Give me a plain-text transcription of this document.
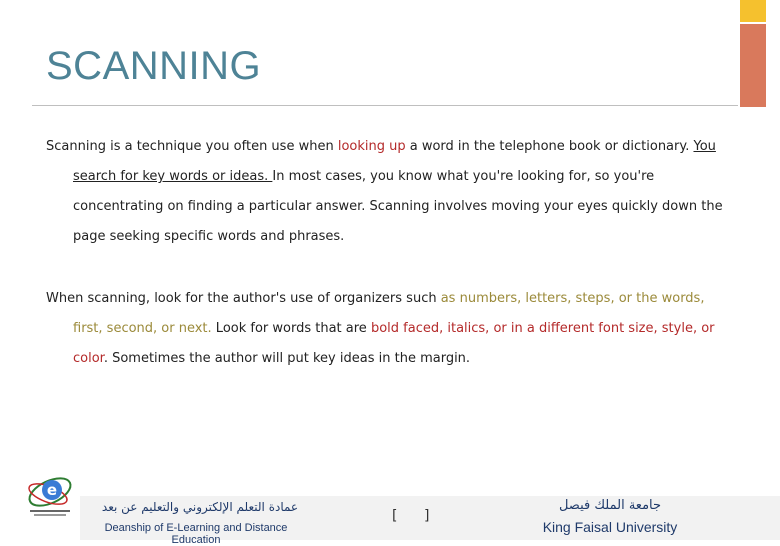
SCANNING
Scanning is a technique you often use when looking up a word in the telephone book or dictionary. You
search for key words or ideas. In most cases, you know what you're looking for, so you're
concentrating on finding a particular answer. Scanning involves moving your eyes quickly down the
page seeking specific words and phrases.
When scanning, look for the author's use of organizers such as numbers, letters, steps, or the words,
first, second, or next. Look for words that are bold faced, italics, or in a different font size, style, or
color. Sometimes the author will put key ideas in the margin.
e
عمادة التعلم الإلكتروني والتعليم عن بعد
Deanship of E-Learning and Distance Education
[ ]
جامعة الملك فيصل
King Faisal University
